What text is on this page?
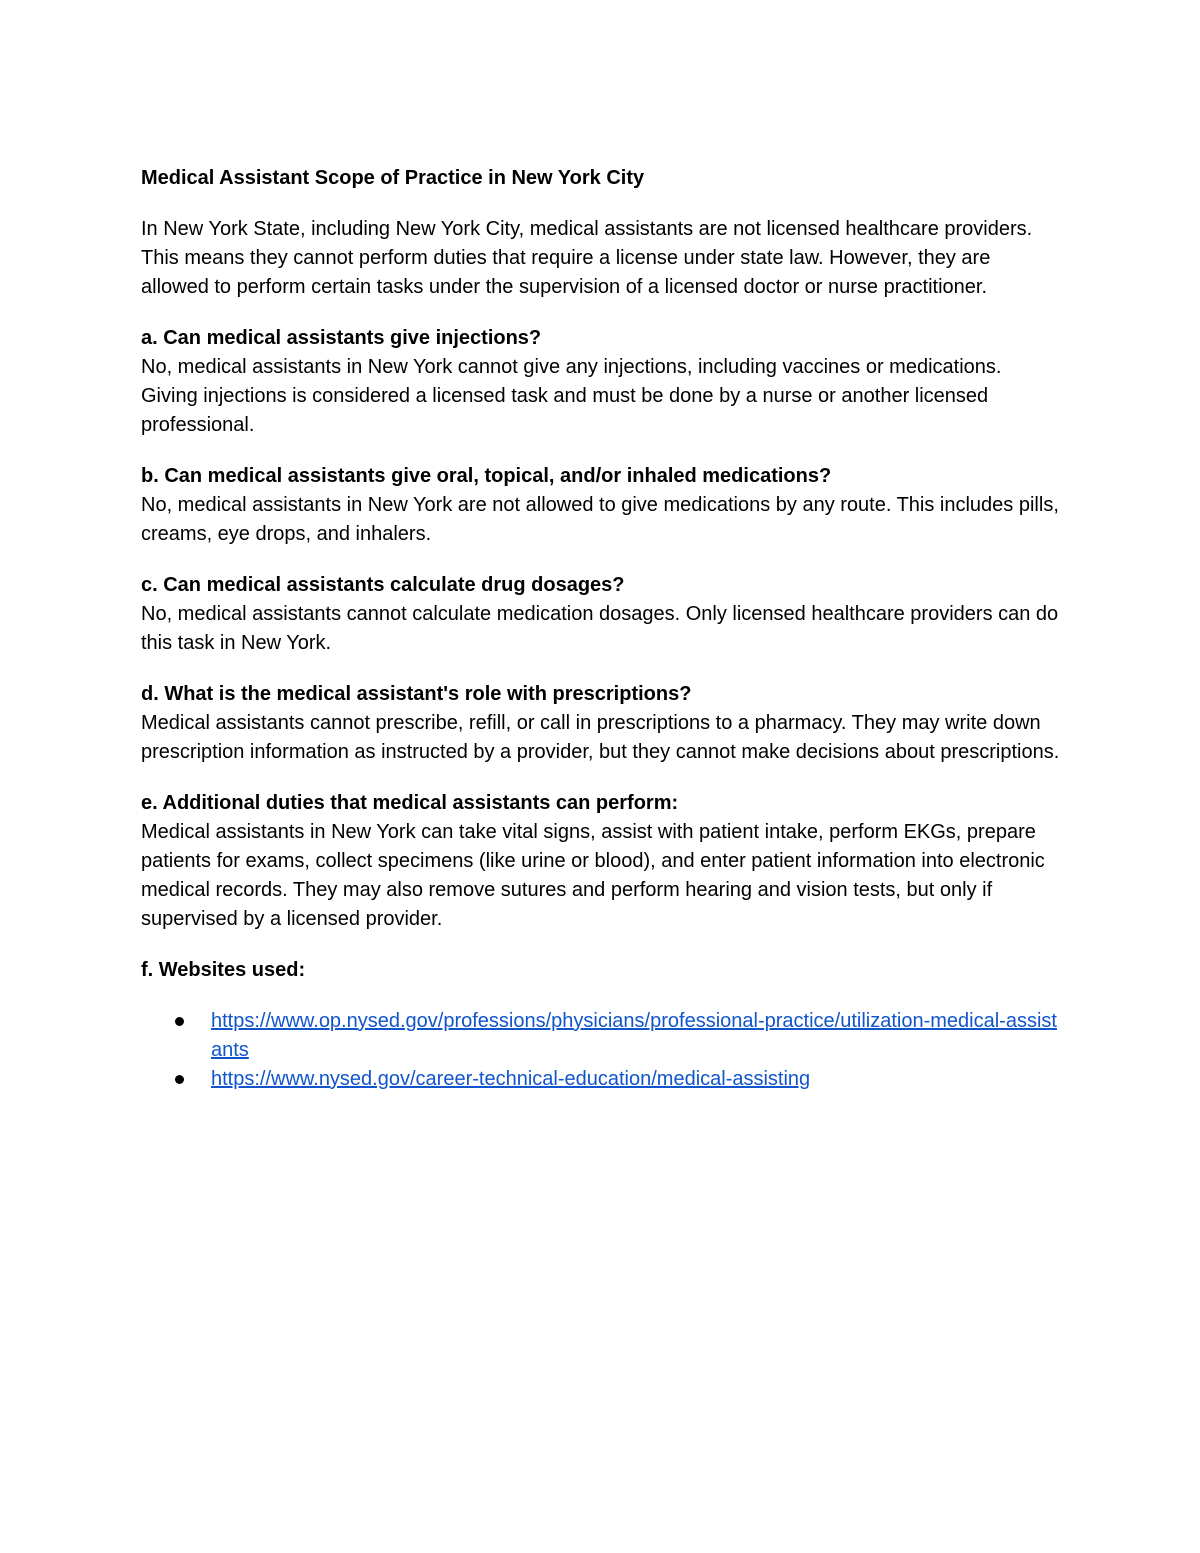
Medical Assistant Scope of Practice in New York City

In New York State, including New York City, medical assistants are not licensed healthcare providers. This means they cannot perform duties that require a license under state law. However, they are allowed to perform certain tasks under the supervision of a licensed doctor or nurse practitioner.

a. Can medical assistants give injections?

No, medical assistants in New York cannot give any injections, including vaccines or medications. Giving injections is considered a licensed task and must be done by a nurse or another licensed professional.

b. Can medical assistants give oral, topical, and/or inhaled medications?

No, medical assistants in New York are not allowed to give medications by any route. This includes pills, creams, eye drops, and inhalers.

c. Can medical assistants calculate drug dosages?

No, medical assistants cannot calculate medication dosages. Only licensed healthcare providers can do this task in New York.

d. What is the medical assistant's role with prescriptions?

Medical assistants cannot prescribe, refill, or call in prescriptions to a pharmacy. They may write down prescription information as instructed by a provider, but they cannot make decisions about prescriptions.

e. Additional duties that medical assistants can perform:

Medical assistants in New York can take vital signs, assist with patient intake, perform EKGs, prepare patients for exams, collect specimens (like urine or blood), and enter patient information into electronic medical records. They may also remove sutures and perform hearing and vision tests, but only if supervised by a licensed provider.

f. Websites used:

https://www.op.nysed.gov/professions/physicians/professional-practice/utilization-medical-assistants
https://www.nysed.gov/career-technical-education/medical-assisting
